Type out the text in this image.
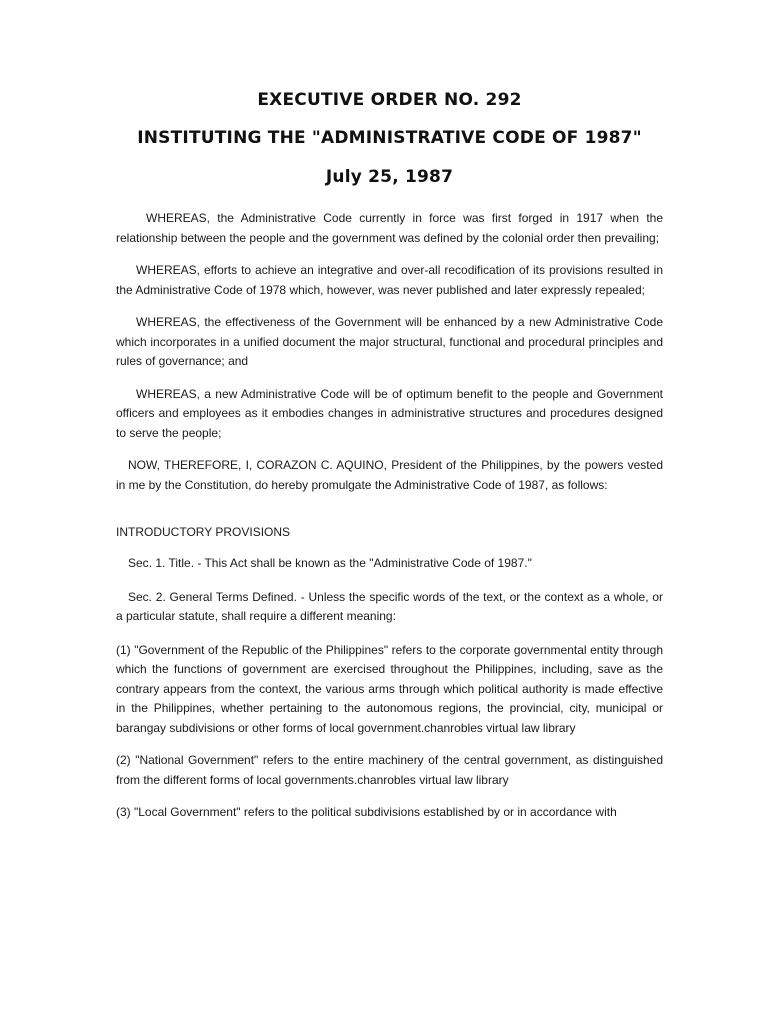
EXECUTIVE ORDER NO. 292
INSTITUTING THE "ADMINISTRATIVE CODE OF 1987"
July 25, 1987

WHEREAS, the Administrative Code currently in force was first forged in 1917 when the relationship between the people and the government was defined by the colonial order then prevailing;

WHEREAS, efforts to achieve an integrative and over-all recodification of its provisions resulted in the Administrative Code of 1978 which, however, was never published and later expressly repealed;

WHEREAS, the effectiveness of the Government will be enhanced by a new Administrative Code which incorporates in a unified document the major structural, functional and procedural principles and rules of governance; and

WHEREAS, a new Administrative Code will be of optimum benefit to the people and Government officers and employees as it embodies changes in administrative structures and procedures designed to serve the people;

NOW, THEREFORE, I, CORAZON C. AQUINO, President of the Philippines, by the powers vested in me by the Constitution, do hereby promulgate the Administrative Code of 1987, as follows:

INTRODUCTORY PROVISIONS

Sec. 1. Title. - This Act shall be known as the "Administrative Code of 1987."

Sec. 2. General Terms Defined. - Unless the specific words of the text, or the context as a whole, or a particular statute, shall require a different meaning:

(1) "Government of the Republic of the Philippines" refers to the corporate governmental entity through which the functions of government are exercised throughout the Philippines, including, save as the contrary appears from the context, the various arms through which political authority is made effective in the Philippines, whether pertaining to the autonomous regions, the provincial, city, municipal or barangay subdivisions or other forms of local government.chanrobles virtual law library

(2) "National Government" refers to the entire machinery of the central government, as distinguished from the different forms of local governments.chanrobles virtual law library

(3) "Local Government" refers to the political subdivisions established by or in accordance with
